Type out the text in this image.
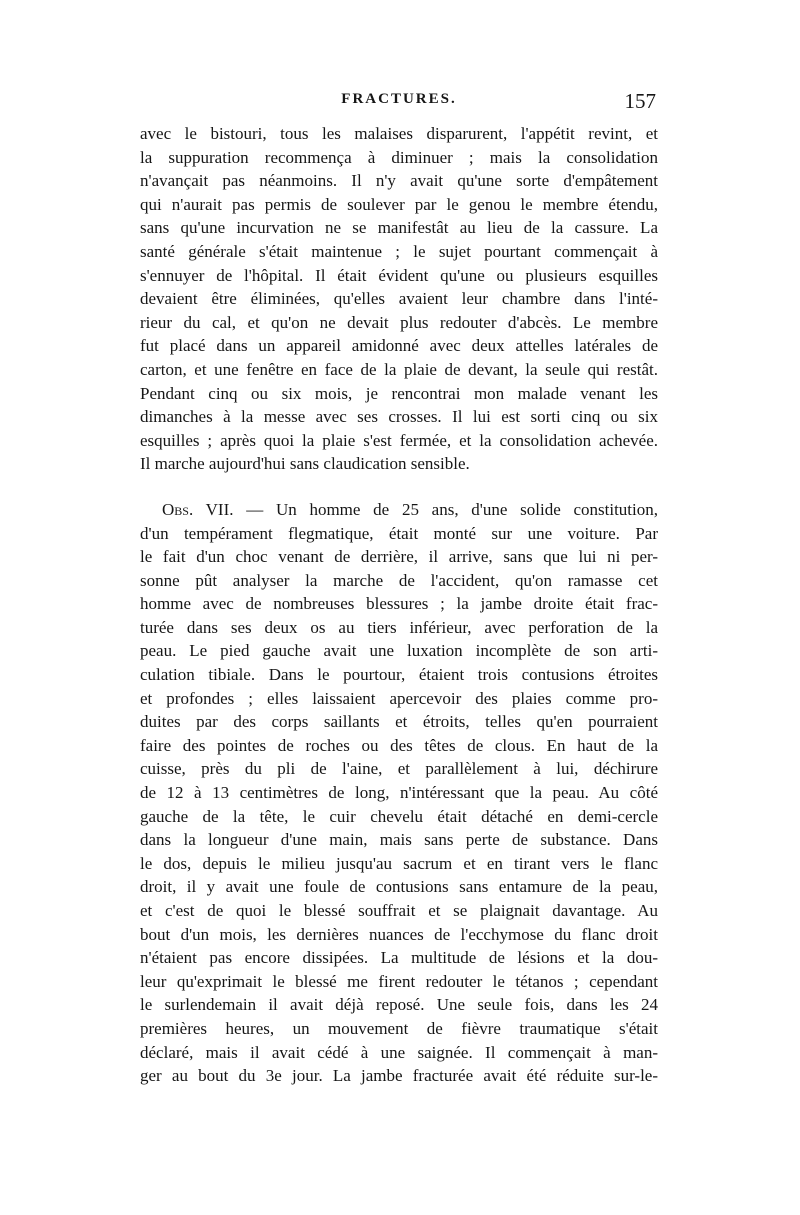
FRACTURES.	157
avec le bistouri, tous les malaises disparurent, l'appétit revint, et
la suppuration recommença à diminuer ; mais la consolidation
n'avançait pas néanmoins. Il n'y avait qu'une sorte d'empâtement
qui n'aurait pas permis de soulever par le genou le membre étendu,
sans qu'une incurvation ne se manifestât au lieu de la cassure. La
santé générale s'était maintenue ; le sujet pourtant commençait à
s'ennuyer de l'hôpital. Il était évident qu'une ou plusieurs esquilles
devaient être éliminées, qu'elles avaient leur chambre dans l'inté-
rieur du cal, et qu'on ne devait plus redouter d'abcès. Le membre
fut placé dans un appareil amidonné avec deux attelles latérales de
carton, et une fenêtre en face de la plaie de devant, la seule qui restât.
Pendant cinq ou six mois, je rencontrai mon malade venant les
dimanches à la messe avec ses crosses. Il lui est sorti cinq ou six
esquilles ; après quoi la plaie s'est fermée, et la consolidation achevée.
Il marche aujourd'hui sans claudication sensible.
Obs. VII. — Un homme de 25 ans, d'une solide constitution,
d'un tempérament flegmatique, était monté sur une voiture. Par
le fait d'un choc venant de derrière, il arrive, sans que lui ni per-
sonne pût analyser la marche de l'accident, qu'on ramasse cet
homme avec de nombreuses blessures ; la jambe droite était frac-
turée dans ses deux os au tiers inférieur, avec perforation de la
peau. Le pied gauche avait une luxation incomplète de son arti-
culation tibiale. Dans le pourtour, étaient trois contusions étroites
et profondes ; elles laissaient apercevoir des plaies comme pro-
duites par des corps saillants et étroits, telles qu'en pourraient
faire des pointes de roches ou des têtes de clous. En haut de la
cuisse, près du pli de l'aine, et parallèlement à lui, déchirure
de 12 à 13 centimètres de long, n'intéressant que la peau. Au côté
gauche de la tête, le cuir chevelu était détaché en demi-cercle
dans la longueur d'une main, mais sans perte de substance. Dans
le dos, depuis le milieu jusqu'au sacrum et en tirant vers le flanc
droit, il y avait une foule de contusions sans entamure de la peau,
et c'est de quoi le blessé souffrait et se plaignait davantage. Au
bout d'un mois, les dernières nuances de l'ecchymose du flanc droit
n'étaient pas encore dissipées. La multitude de lésions et la dou-
leur qu'exprimait le blessé me firent redouter le tétanos ; cependant
le surlendemain il avait déjà reposé. Une seule fois, dans les 24
premières heures, un mouvement de fièvre traumatique s'était
déclaré, mais il avait cédé à une saignée. Il commençait à man-
ger au bout du 3e jour. La jambe fracturée avait été réduite sur-le-
